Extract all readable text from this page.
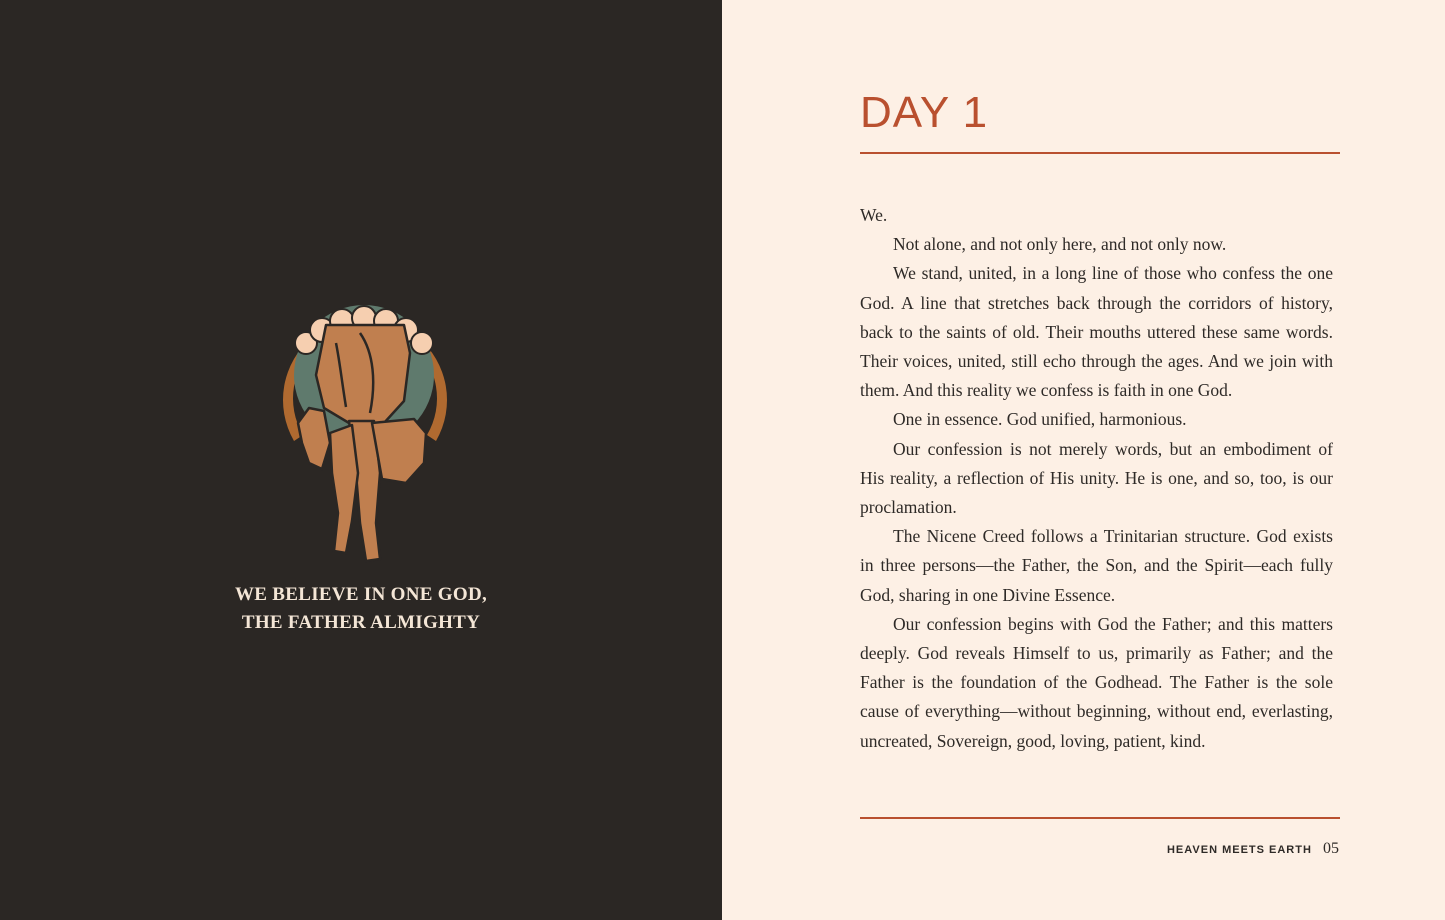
WE BELIEVE IN ONE GOD,
THE FATHER ALMIGHTY
DAY 1

We.

Not alone, and not only here, and not only now.

We stand, united, in a long line of those who confess the one God. A line that stretches back through the corridors of history, back to the saints of old. Their mouths uttered these same words. Their voices, united, still echo through the ages. And we join with them. And this reality we confess is faith in one God.

One in essence. God unified, harmonious.

Our confession is not merely words, but an embodiment of His reality, a reflection of His unity. He is one, and so, too, is our proclamation.

The Nicene Creed follows a Trinitarian structure. God exists in three persons—the Father, the Son, and the Spirit—each fully God, sharing in one Divine Essence.

Our confession begins with God the Father; and this matters deeply. God reveals Himself to us, primarily as Father; and the Father is the foundation of the Godhead. The Father is the sole cause of everything—without beginning, without end, everlasting, uncreated, Sovereign, good, loving, patient, kind.

HEAVEN MEETS EARTH 05
